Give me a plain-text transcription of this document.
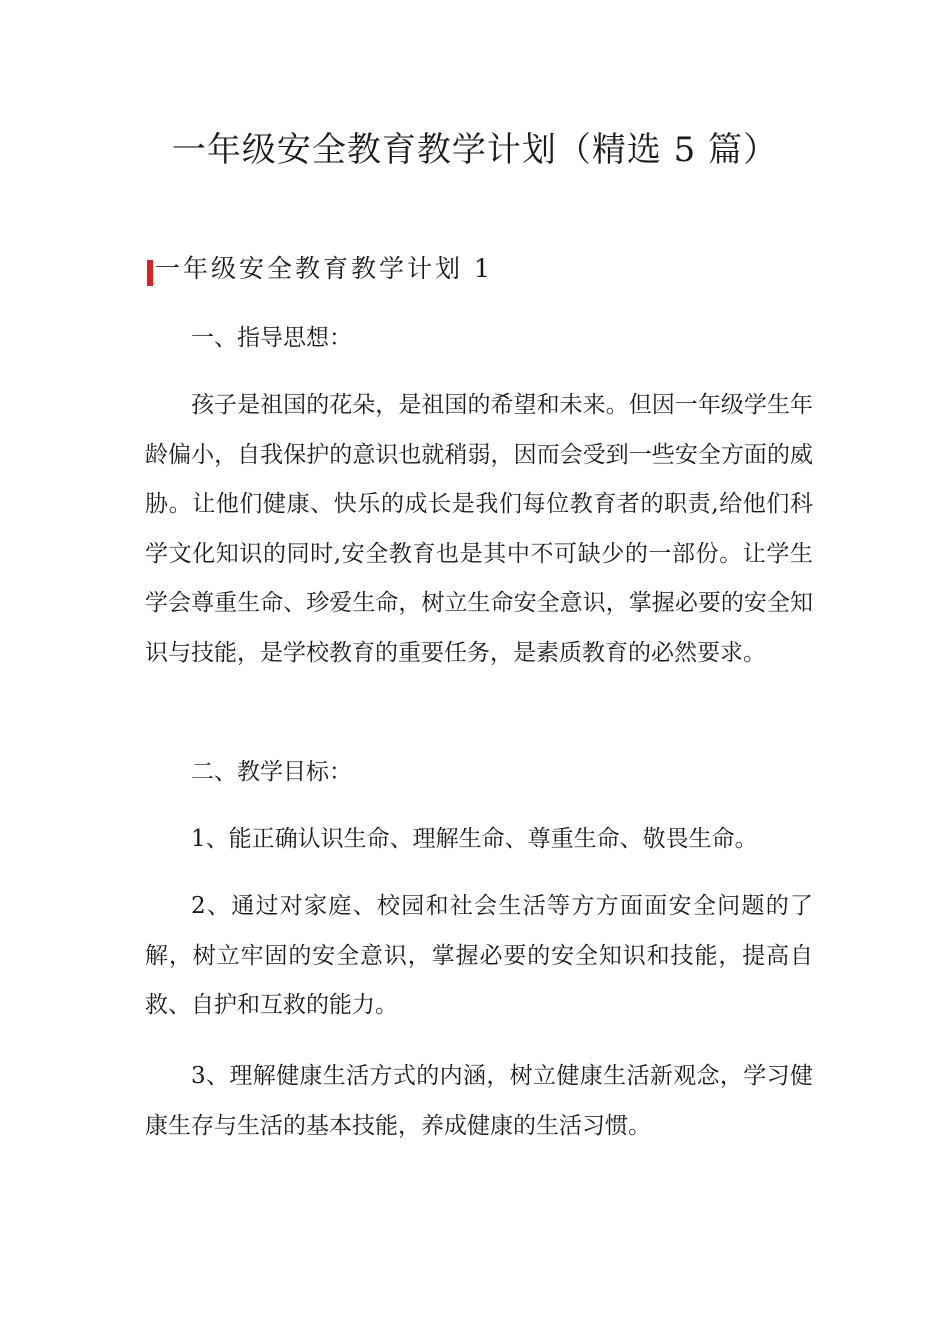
一年级安全教育教学计划（精选 5 篇）
一年级安全教育教学计划 1

一、指导思想：

孩子是祖国的花朵，是祖国的希望和未来。但因一年级学生年龄偏小，自我保护的意识也就稍弱，因而会受到一些安全方面的威胁。让他们健康、快乐的成长是我们每位教育者的职责,给他们科学文化知识的同时,安全教育也是其中不可缺少的一部份。让学生学会尊重生命、珍爱生命，树立生命安全意识，掌握必要的安全知识与技能，是学校教育的重要任务，是素质教育的必然要求。

二、教学目标：

1、能正确认识生命、理解生命、尊重生命、敬畏生命。

2、通过对家庭、校园和社会生活等方方面面安全问题的了解，树立牢固的安全意识，掌握必要的安全知识和技能，提高自救、自护和互救的能力。

3、理解健康生活方式的内涵，树立健康生活新观念，学习健康生存与生活的基本技能，养成健康的生活习惯。
